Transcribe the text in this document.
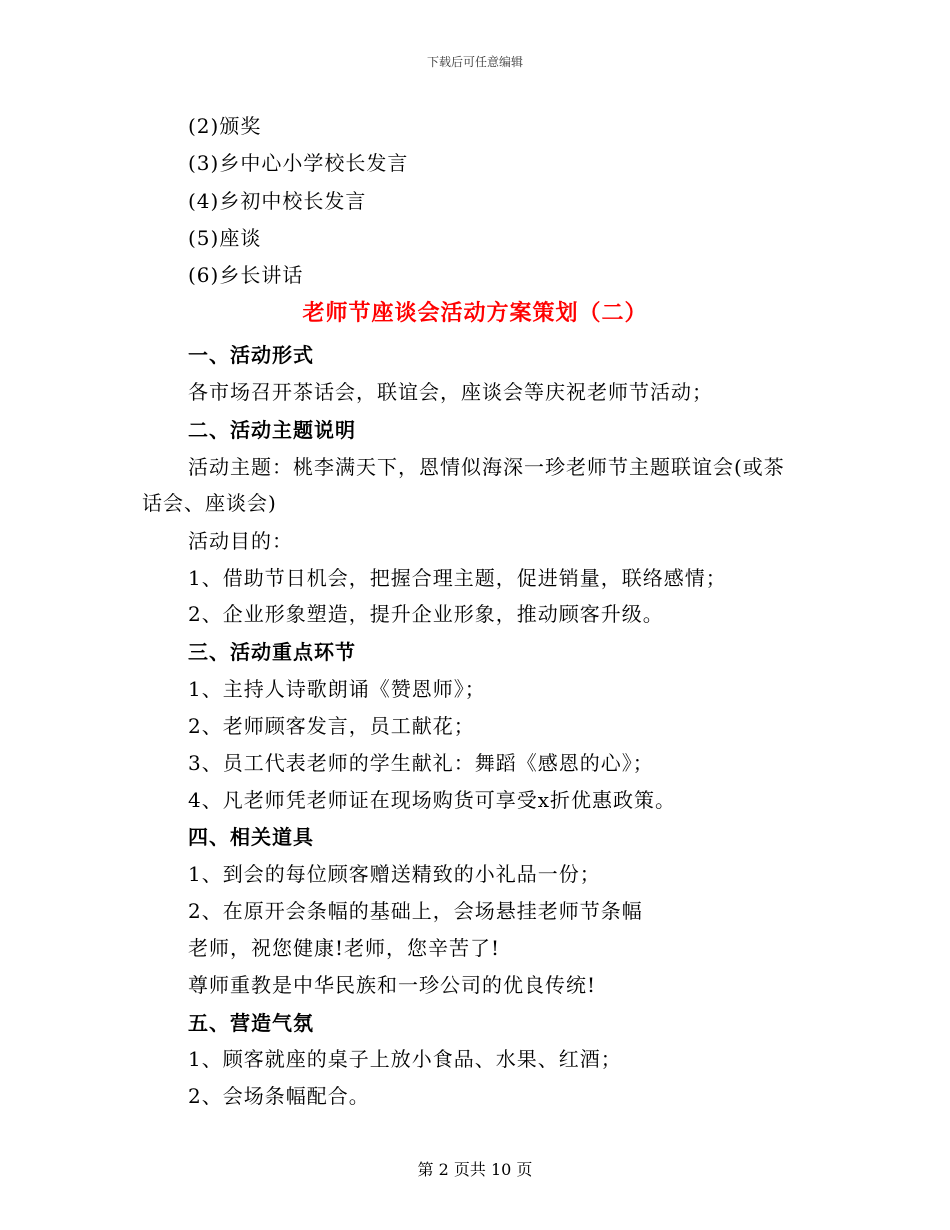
下载后可任意编辑
(2)颁奖
(3)乡中心小学校长发言
(4)乡初中校长发言
(5)座谈
(6)乡长讲话
老师节座谈会活动方案策划（二）
一、活动形式
各市场召开茶话会，联谊会，座谈会等庆祝老师节活动；
二、活动主题说明
活动主题：桃李满天下，恩情似海深一珍老师节主题联谊会(或茶
话会、座谈会)
活动目的：
1、借助节日机会，把握合理主题，促进销量，联络感情；
2、企业形象塑造，提升企业形象，推动顾客升级。
三、活动重点环节
1、主持人诗歌朗诵《赞恩师》；
2、老师顾客发言，员工献花；
3、员工代表老师的学生献礼：舞蹈《感恩的心》；
4、凡老师凭老师证在现场购货可享受x折优惠政策。
四、相关道具
1、到会的每位顾客赠送精致的小礼品一份；
2、在原开会条幅的基础上，会场悬挂老师节条幅
老师，祝您健康!老师，您辛苦了!
尊师重教是中华民族和一珍公司的优良传统!
五、营造气氛
1、顾客就座的桌子上放小食品、水果、红酒；
2、会场条幅配合。
第 2 页共 10 页
